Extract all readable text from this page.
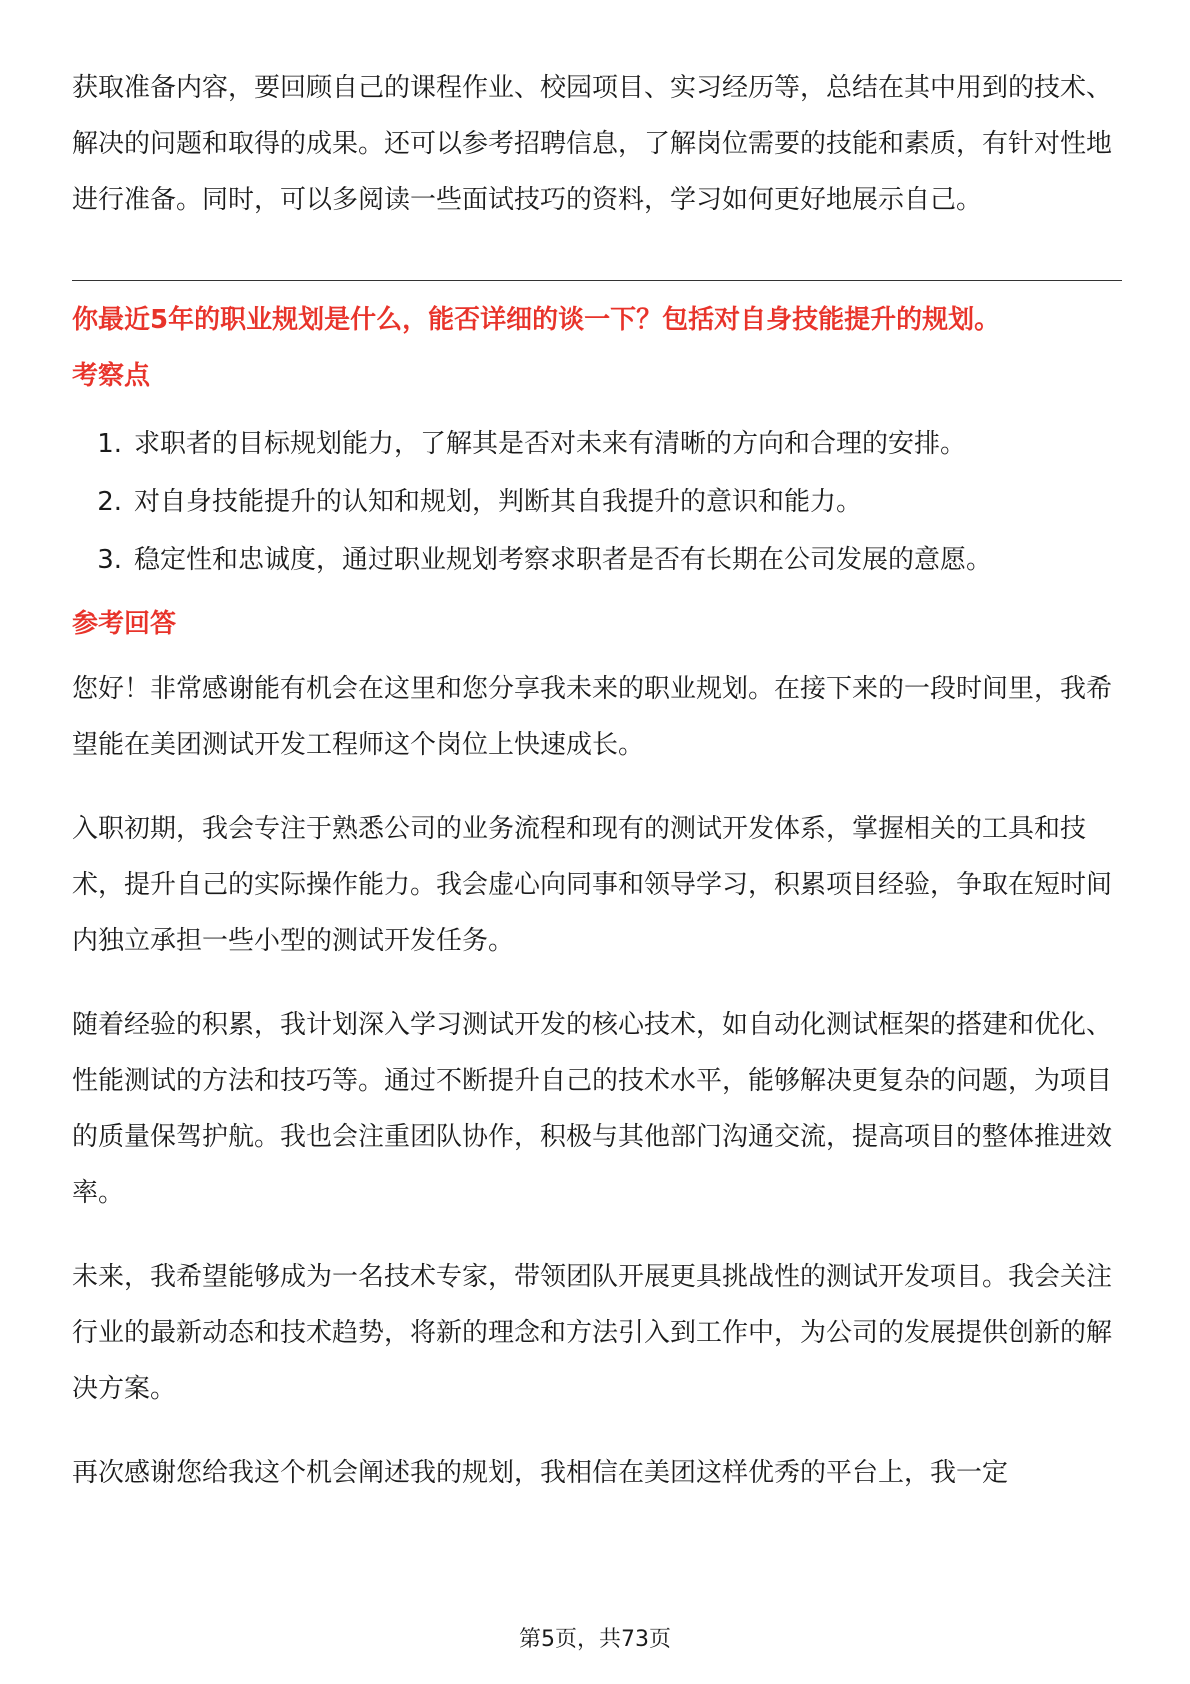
获取准备内容，要回顾自己的课程作业、校园项目、实习经历等，总结在其中用到的技术、解决的问题和取得的成果。还可以参考招聘信息，了解岗位需要的技能和素质，有针对性地进行准备。同时，可以多阅读一些面试技巧的资料，学习如何更好地展示自己。

你最近5年的职业规划是什么，能否详细的谈一下？包括对自身技能提升的规划。

考察点

1. 求职者的目标规划能力，了解其是否对未来有清晰的方向和合理的安排。
2. 对自身技能提升的认知和规划，判断其自我提升的意识和能力。
3. 稳定性和忠诚度，通过职业规划考察求职者是否有长期在公司发展的意愿。

参考回答

您好！非常感谢能有机会在这里和您分享我未来的职业规划。在接下来的一段时间里，我希望能在美团测试开发工程师这个岗位上快速成长。

入职初期，我会专注于熟悉公司的业务流程和现有的测试开发体系，掌握相关的工具和技术，提升自己的实际操作能力。我会虚心向同事和领导学习，积累项目经验，争取在短时间内独立承担一些小型的测试开发任务。

随着经验的积累，我计划深入学习测试开发的核心技术，如自动化测试框架的搭建和优化、性能测试的方法和技巧等。通过不断提升自己的技术水平，能够解决更复杂的问题，为项目的质量保驾护航。我也会注重团队协作，积极与其他部门沟通交流，提高项目的整体推进效率。

未来，我希望能够成为一名技术专家，带领团队开展更具挑战性的测试开发项目。我会关注行业的最新动态和技术趋势，将新的理念和方法引入到工作中，为公司的发展提供创新的解决方案。

再次感谢您给我这个机会阐述我的规划，我相信在美团这样优秀的平台上，我一定

第5页，共73页
